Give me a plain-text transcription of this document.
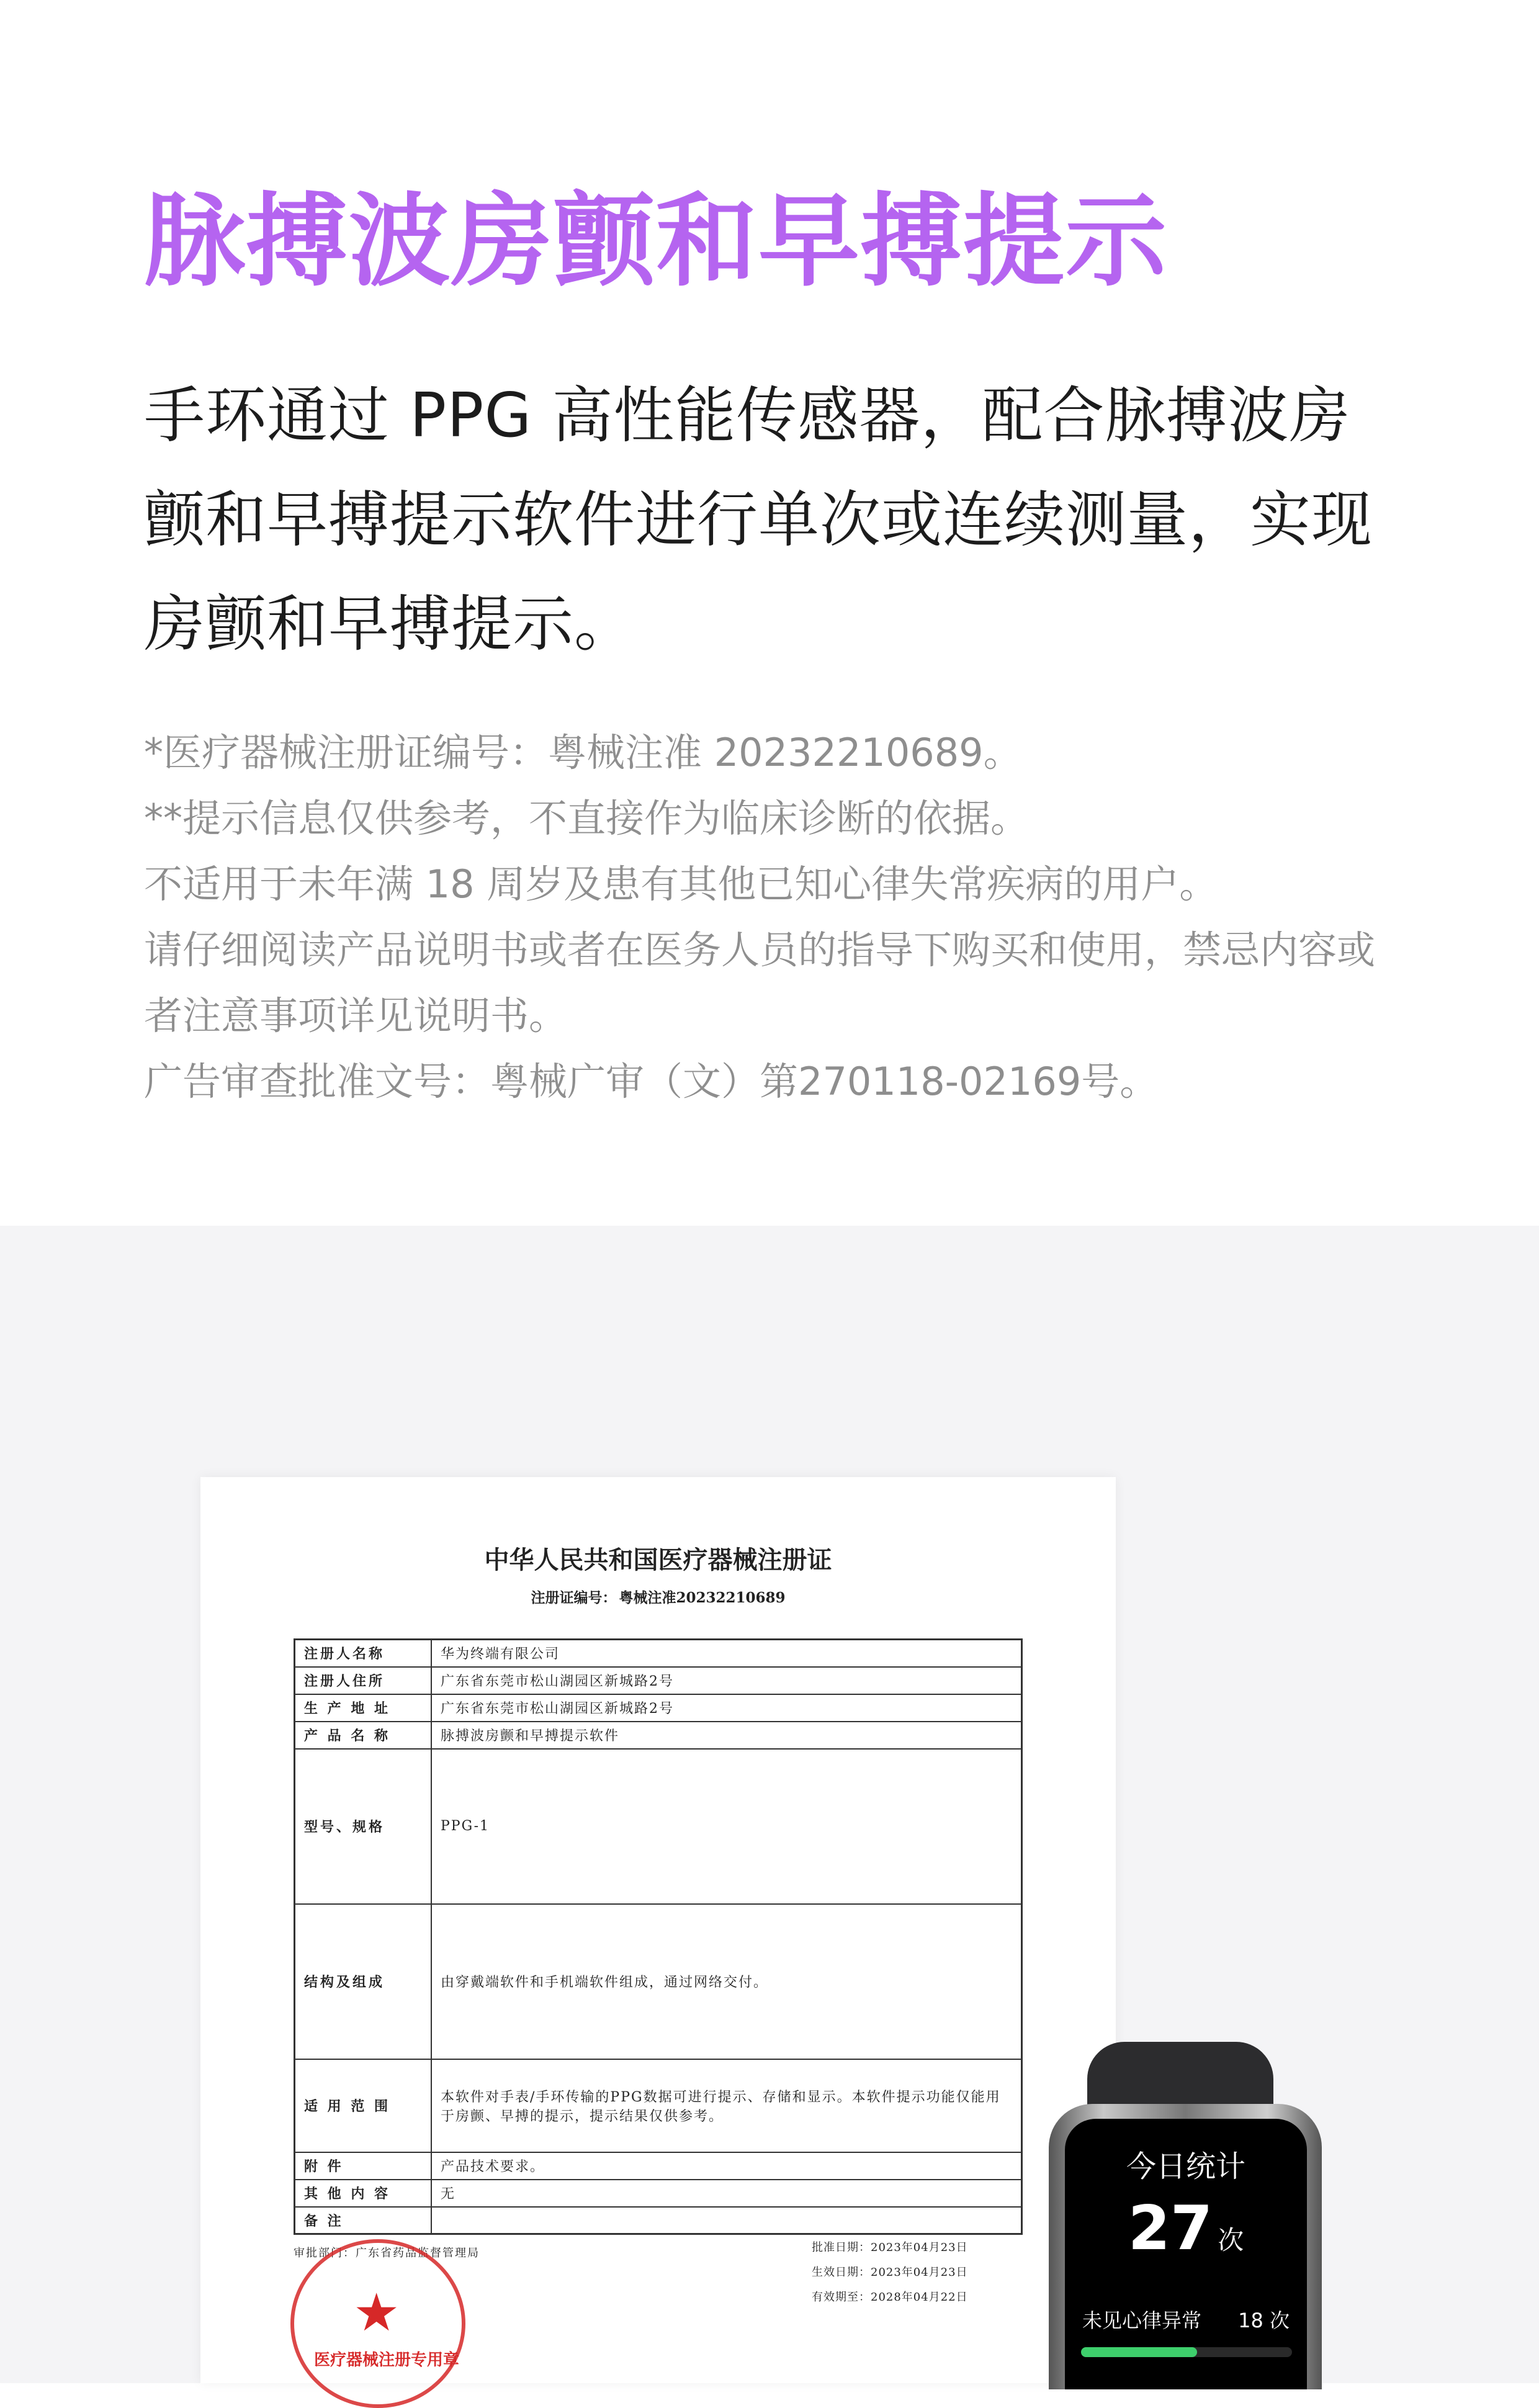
脉搏波房颤和早搏提示

手环通过 PPG 高性能传感器，配合脉搏波房颤和早搏提示软件进行单次或连续测量，实现房颤和早搏提示。

*医疗器械注册证编号：粤械注准 20232210689。

**提示信息仅供参考，不直接作为临床诊断的依据。

不适用于未年满 18 周岁及患有其他已知心律失常疾病的用户。

请仔细阅读产品说明书或者在医务人员的指导下购买和使用，禁忌内容或者注意事项详见说明书。

广告审查批准文号：粤械广审（文）第270118-02169号。

中华人民共和国医疗器械注册证
注册证编号： 粤械注准20232210689
注册人名称	华为终端有限公司
注册人住所	广东省东莞市松山湖园区新城路2号
生 产 地 址	广东省东莞市松山湖园区新城路2号
产 品 名 称	脉搏波房颤和早搏提示软件
型号、规格	PPG-1
结构及组成	由穿戴端软件和手机端软件组成，通过网络交付。
适 用 范 围	本软件对手表/手环传输的PPG数据可进行提示、存储和显示。本软件提示功能仅能用于房颤、早搏的提示，提示结果仅供参考。
附 件	产品技术要求。
其 他 内 容	无
备 注	
审批部门：广东省药品监督管理局	批准日期：2023年04月23日
生效日期：2023年04月23日
有效期至：2028年04月22日
★
医疗器械注册专用章
今日统计
27 次
未见心律异常 18 次
